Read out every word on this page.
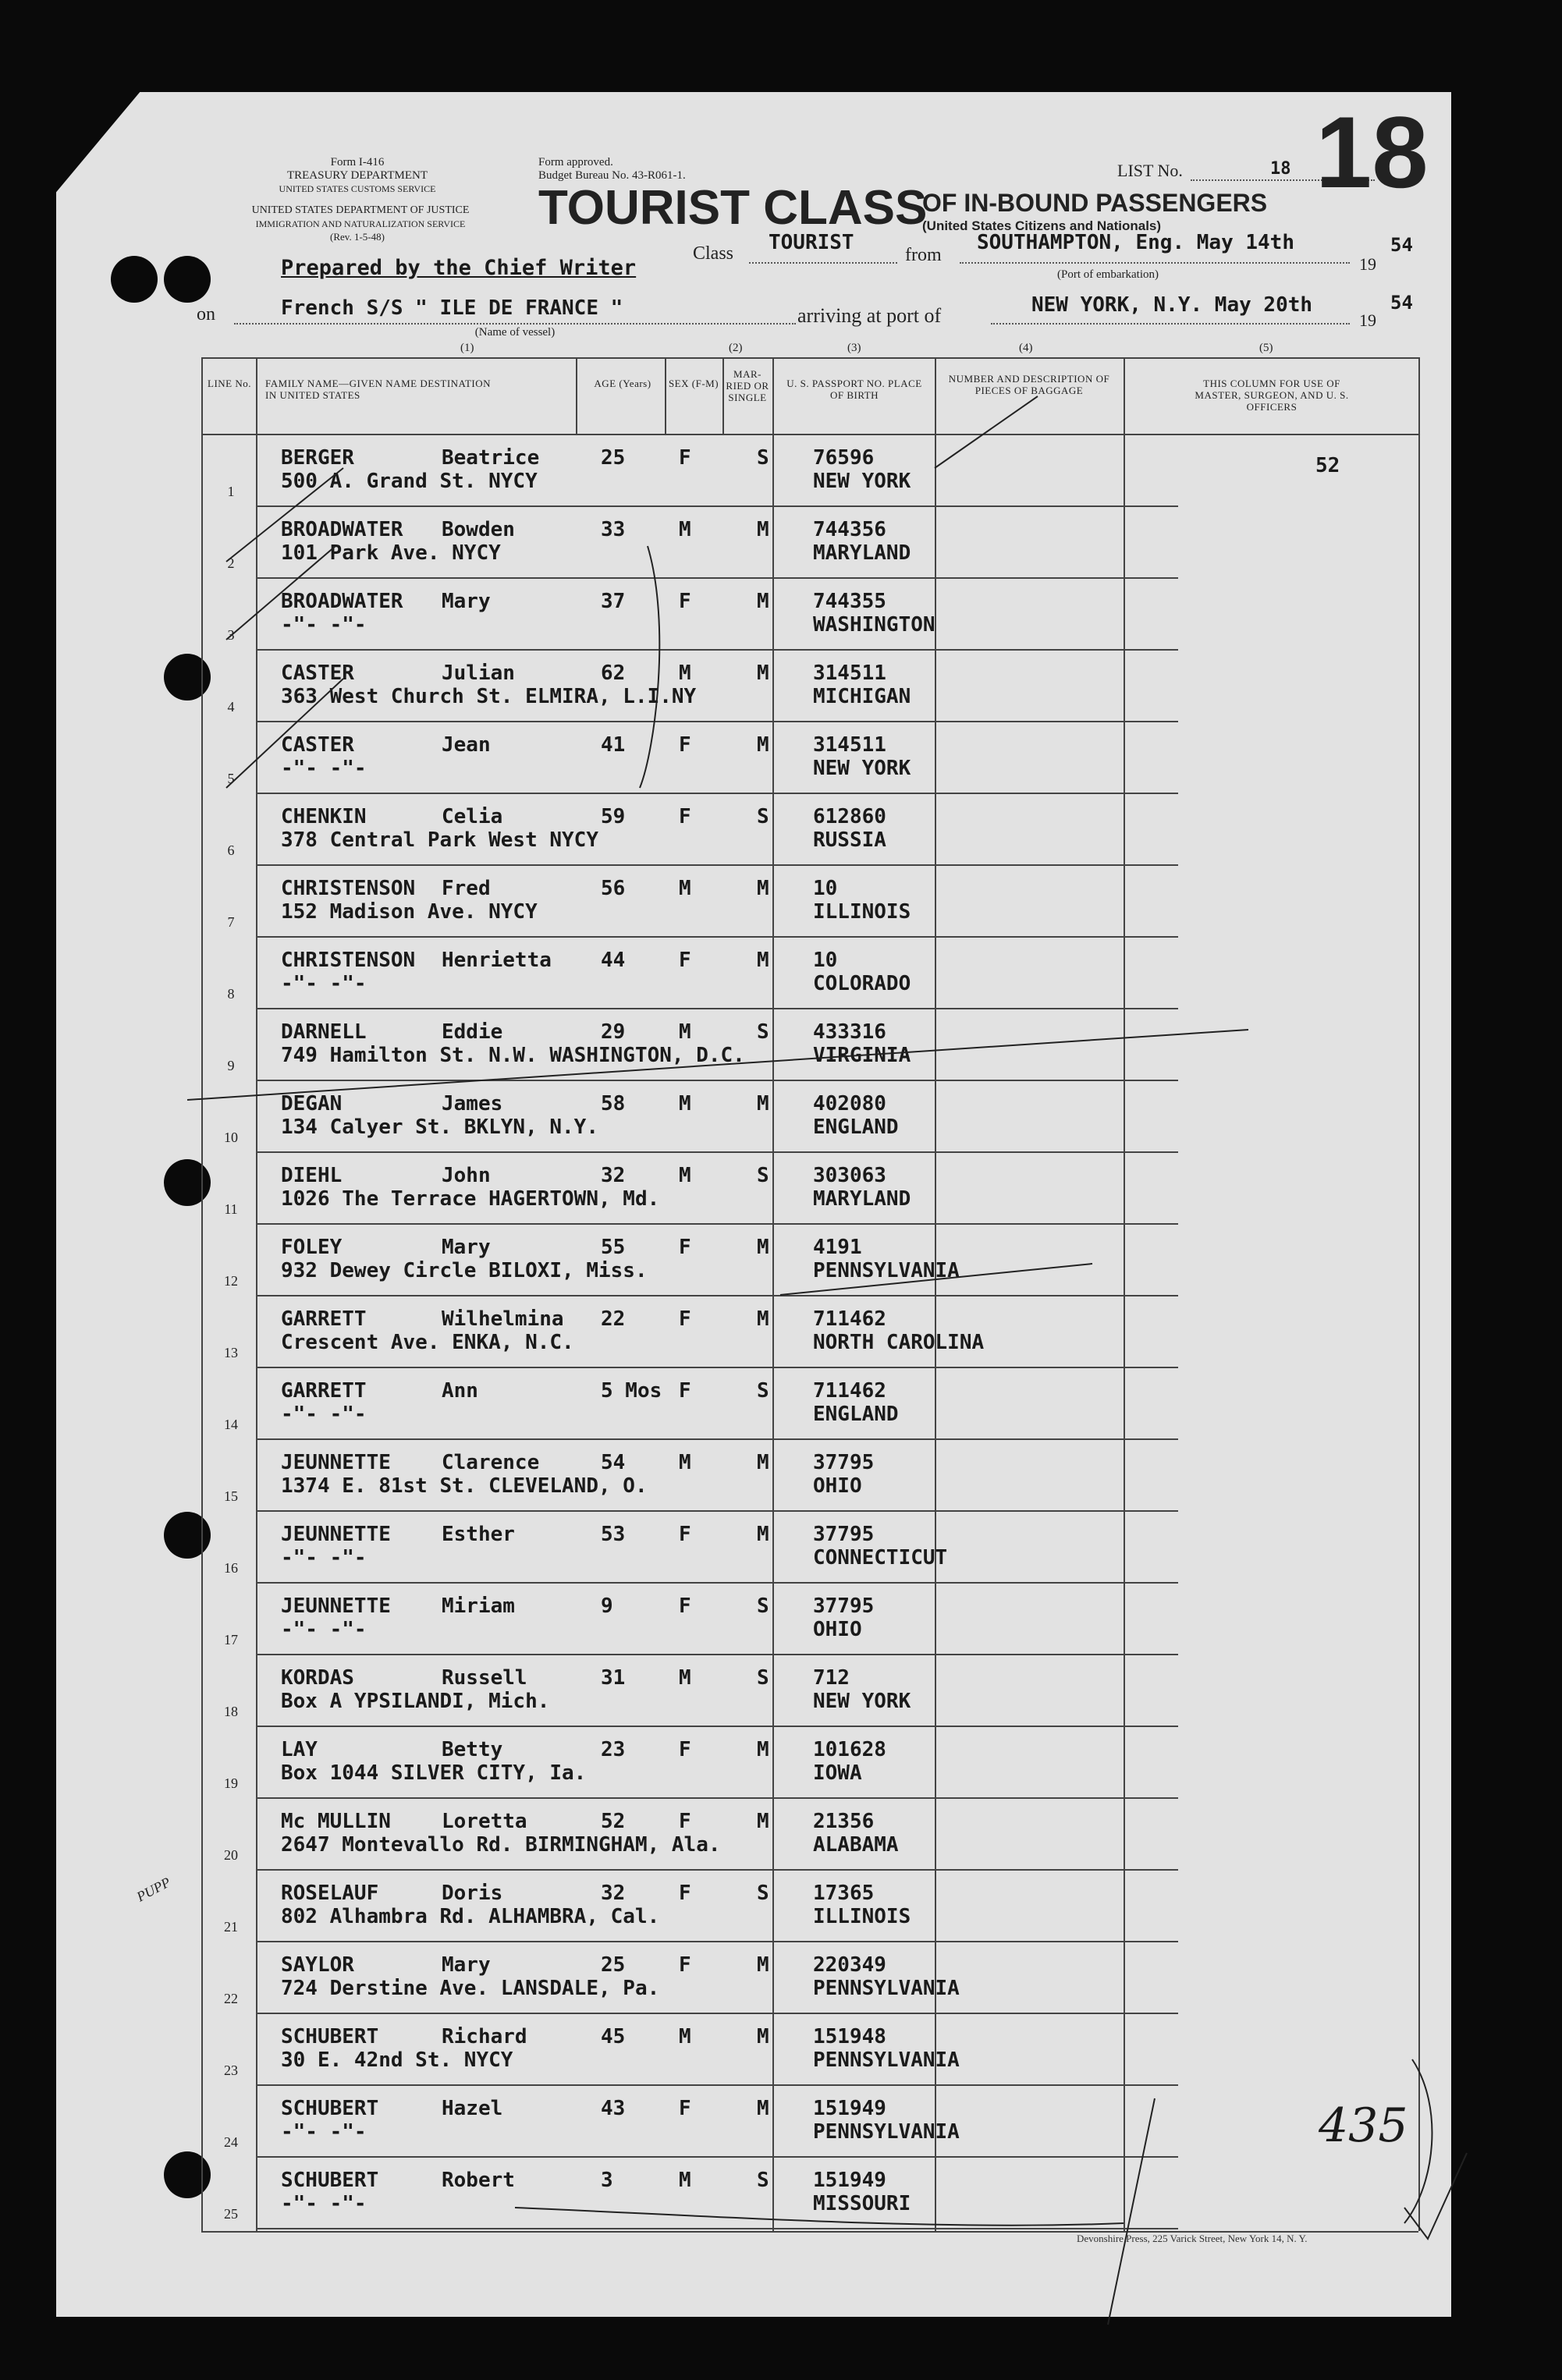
Form I-416
TREASURY DEPARTMENT
UNITED STATES CUSTOMS SERVICE
UNITED STATES DEPARTMENT OF JUSTICE
IMMIGRATION AND NATURALIZATION SERVICE
(Rev. 1-5-48)
Form approved.
Budget Bureau No. 43-R061-1.
TOURIST CLASS
OF IN-BOUND PASSENGERS
(United States Citizens and Nationals)
LIST No.	18 18
Prepared by the Chief Writer
Class TOURIST
from
SOUTHAMPTON, Eng. May 14th
19
54
(Port of embarkation)
on	French S/S " ILE DE FRANCE "
(Name of vessel)
arriving at port of	NEW YORK, N.Y. May 20th
19
54
(1)	(2)	(3)	(4)	(5)
LINE No.	FAMILY NAME—GIVEN NAME DESTINATION IN UNITED STATES
AGE (Years)	SEX (F-M)
MAR-RIED OR SINGLE
U. S. PASSPORT NO. PLACE OF BIRTH
NUMBER AND DESCRIPTION OF PIECES OF BAGGAGE
THIS COLUMN FOR USE OF MASTER, SURGEON, AND U. S. OFFICERS
1
BERGER	Beatrice
500 A. Grand St. NYCY
25	F	S 76596
NEW YORK
52
2
BROADWATER Bowden
101 Park Ave. NYCY
33	M	M 744356
MARYLAND
3
BROADWATER Mary
-"- -"-
37	F	M 744355
WASHINGTON
4
CASTER	Julian
363 West Church St. ELMIRA, L.I.NY
62	M	M 314511
MICHIGAN
5
CASTER	Jean
-"- -"-
41	F	M 314511
NEW YORK
6
CHENKIN	Celia
378 Central Park West NYCY
59	F	S 612860
RUSSIA
7
CHRISTENSON Fred
152 Madison Ave. NYCY
56	M	M 10
ILLINOIS
8
CHRISTENSON Henrietta
-"- -"-
44	F	M 10
COLORADO
9
DARNELL	Eddie
749 Hamilton St. N.W. WASHINGTON, D.C.
29	M	S 433316
VIRGINIA
10
DEGAN	James
134 Calyer St. BKLYN, N.Y.
58	M	M 402080
ENGLAND
11
DIEHL	John
1026 The Terrace HAGERTOWN, Md.
32	M	S 303063
MARYLAND
12
FOLEY	Mary
932 Dewey Circle BILOXI, Miss.
55	F	M 4191
PENNSYLVANIA
13
GARRETT	Wilhelmina
Crescent Ave. ENKA, N.C.
22	F	M 711462
NORTH CAROLINA
14
GARRETT	Ann
-"- -"-
5 Mos F	S 711462
ENGLAND
15
JEUNNETTE	Clarence
1374 E. 81st St. CLEVELAND, O.
54	M	M 37795
OHIO
16
JEUNNETTE	Esther
-"- -"-
53	F	M 37795
CONNECTICUT
17
JEUNNETTE	Miriam
-"- -"-
9	F	S 37795
OHIO
18
KORDAS	Russell
Box A YPSILANDI, Mich.
31	M	S 712
NEW YORK
19
LAY	Betty
Box 1044 SILVER CITY, Ia.
23	F	M 101628
IOWA
20
Mc MULLIN	Loretta
2647 Montevallo Rd. BIRMINGHAM, Ala.
52	F	M 21356
ALABAMA
21
ROSELAUF	Doris
802 Alhambra Rd. ALHAMBRA, Cal.
32	F	S 17365
ILLINOIS
22
SAYLOR	Mary
724 Derstine Ave. LANSDALE, Pa.
25	F	M 220349
PENNSYLVANIA
23
SCHUBERT	Richard
30 E. 42nd St. NYCY
45	M	M 151948
PENNSYLVANIA
24
SCHUBERT	Hazel
-"- -"-
43	F	M 151949
PENNSYLVANIA
25
SCHUBERT	Robert
-"- -"-
3	M	S 151949
MISSOURI
435
PUPP
Devonshire Press, 225 Varick Street, New York 14, N. Y.
